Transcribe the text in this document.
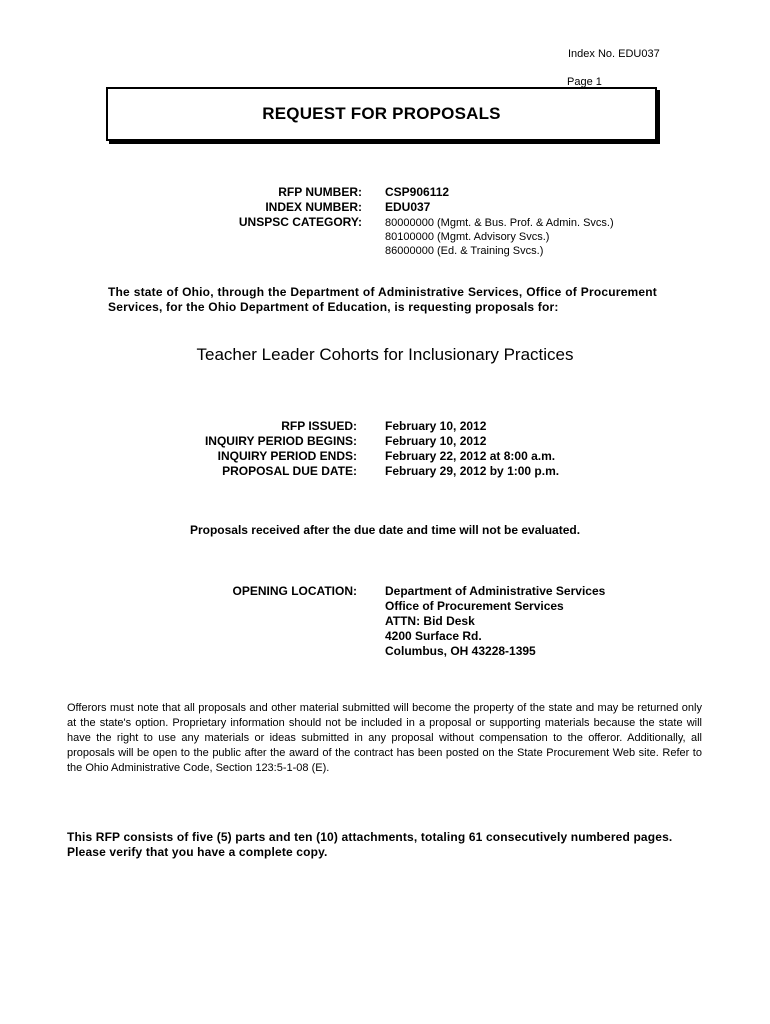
Index No. EDU037
Page 1
REQUEST FOR PROPOSALS
RFP NUMBER:
INDEX NUMBER:
UNSPSC CATEGORY:
CSP906112
EDU037
80000000 (Mgmt. & Bus. Prof. & Admin. Svcs.)
80100000 (Mgmt. Advisory Svcs.)
86000000 (Ed. & Training Svcs.)
The state of Ohio, through the Department of Administrative Services, Office of Procurement Services, for the Ohio Department of Education, is requesting proposals for:
Teacher Leader Cohorts for Inclusionary Practices
RFP ISSUED:
INQUIRY PERIOD BEGINS:
INQUIRY PERIOD ENDS:
PROPOSAL DUE DATE:
February 10, 2012
February 10, 2012
February 22, 2012 at 8:00 a.m.
February 29, 2012 by 1:00 p.m.
Proposals received after the due date and time will not be evaluated.
OPENING LOCATION: Department of Administrative Services
Office of Procurement Services
ATTN: Bid Desk
4200 Surface Rd.
Columbus, OH 43228-1395
Offerors must note that all proposals and other material submitted will become the property of the state and may be returned only at the state's option. Proprietary information should not be included in a proposal or supporting materials because the state will have the right to use any materials or ideas submitted in any proposal without compensation to the offeror. Additionally, all proposals will be open to the public after the award of the contract has been posted on the State Procurement Web site. Refer to the Ohio Administrative Code, Section 123:5-1-08 (E).
This RFP consists of five (5) parts and ten (10) attachments, totaling 61 consecutively numbered pages.
Please verify that you have a complete copy.
